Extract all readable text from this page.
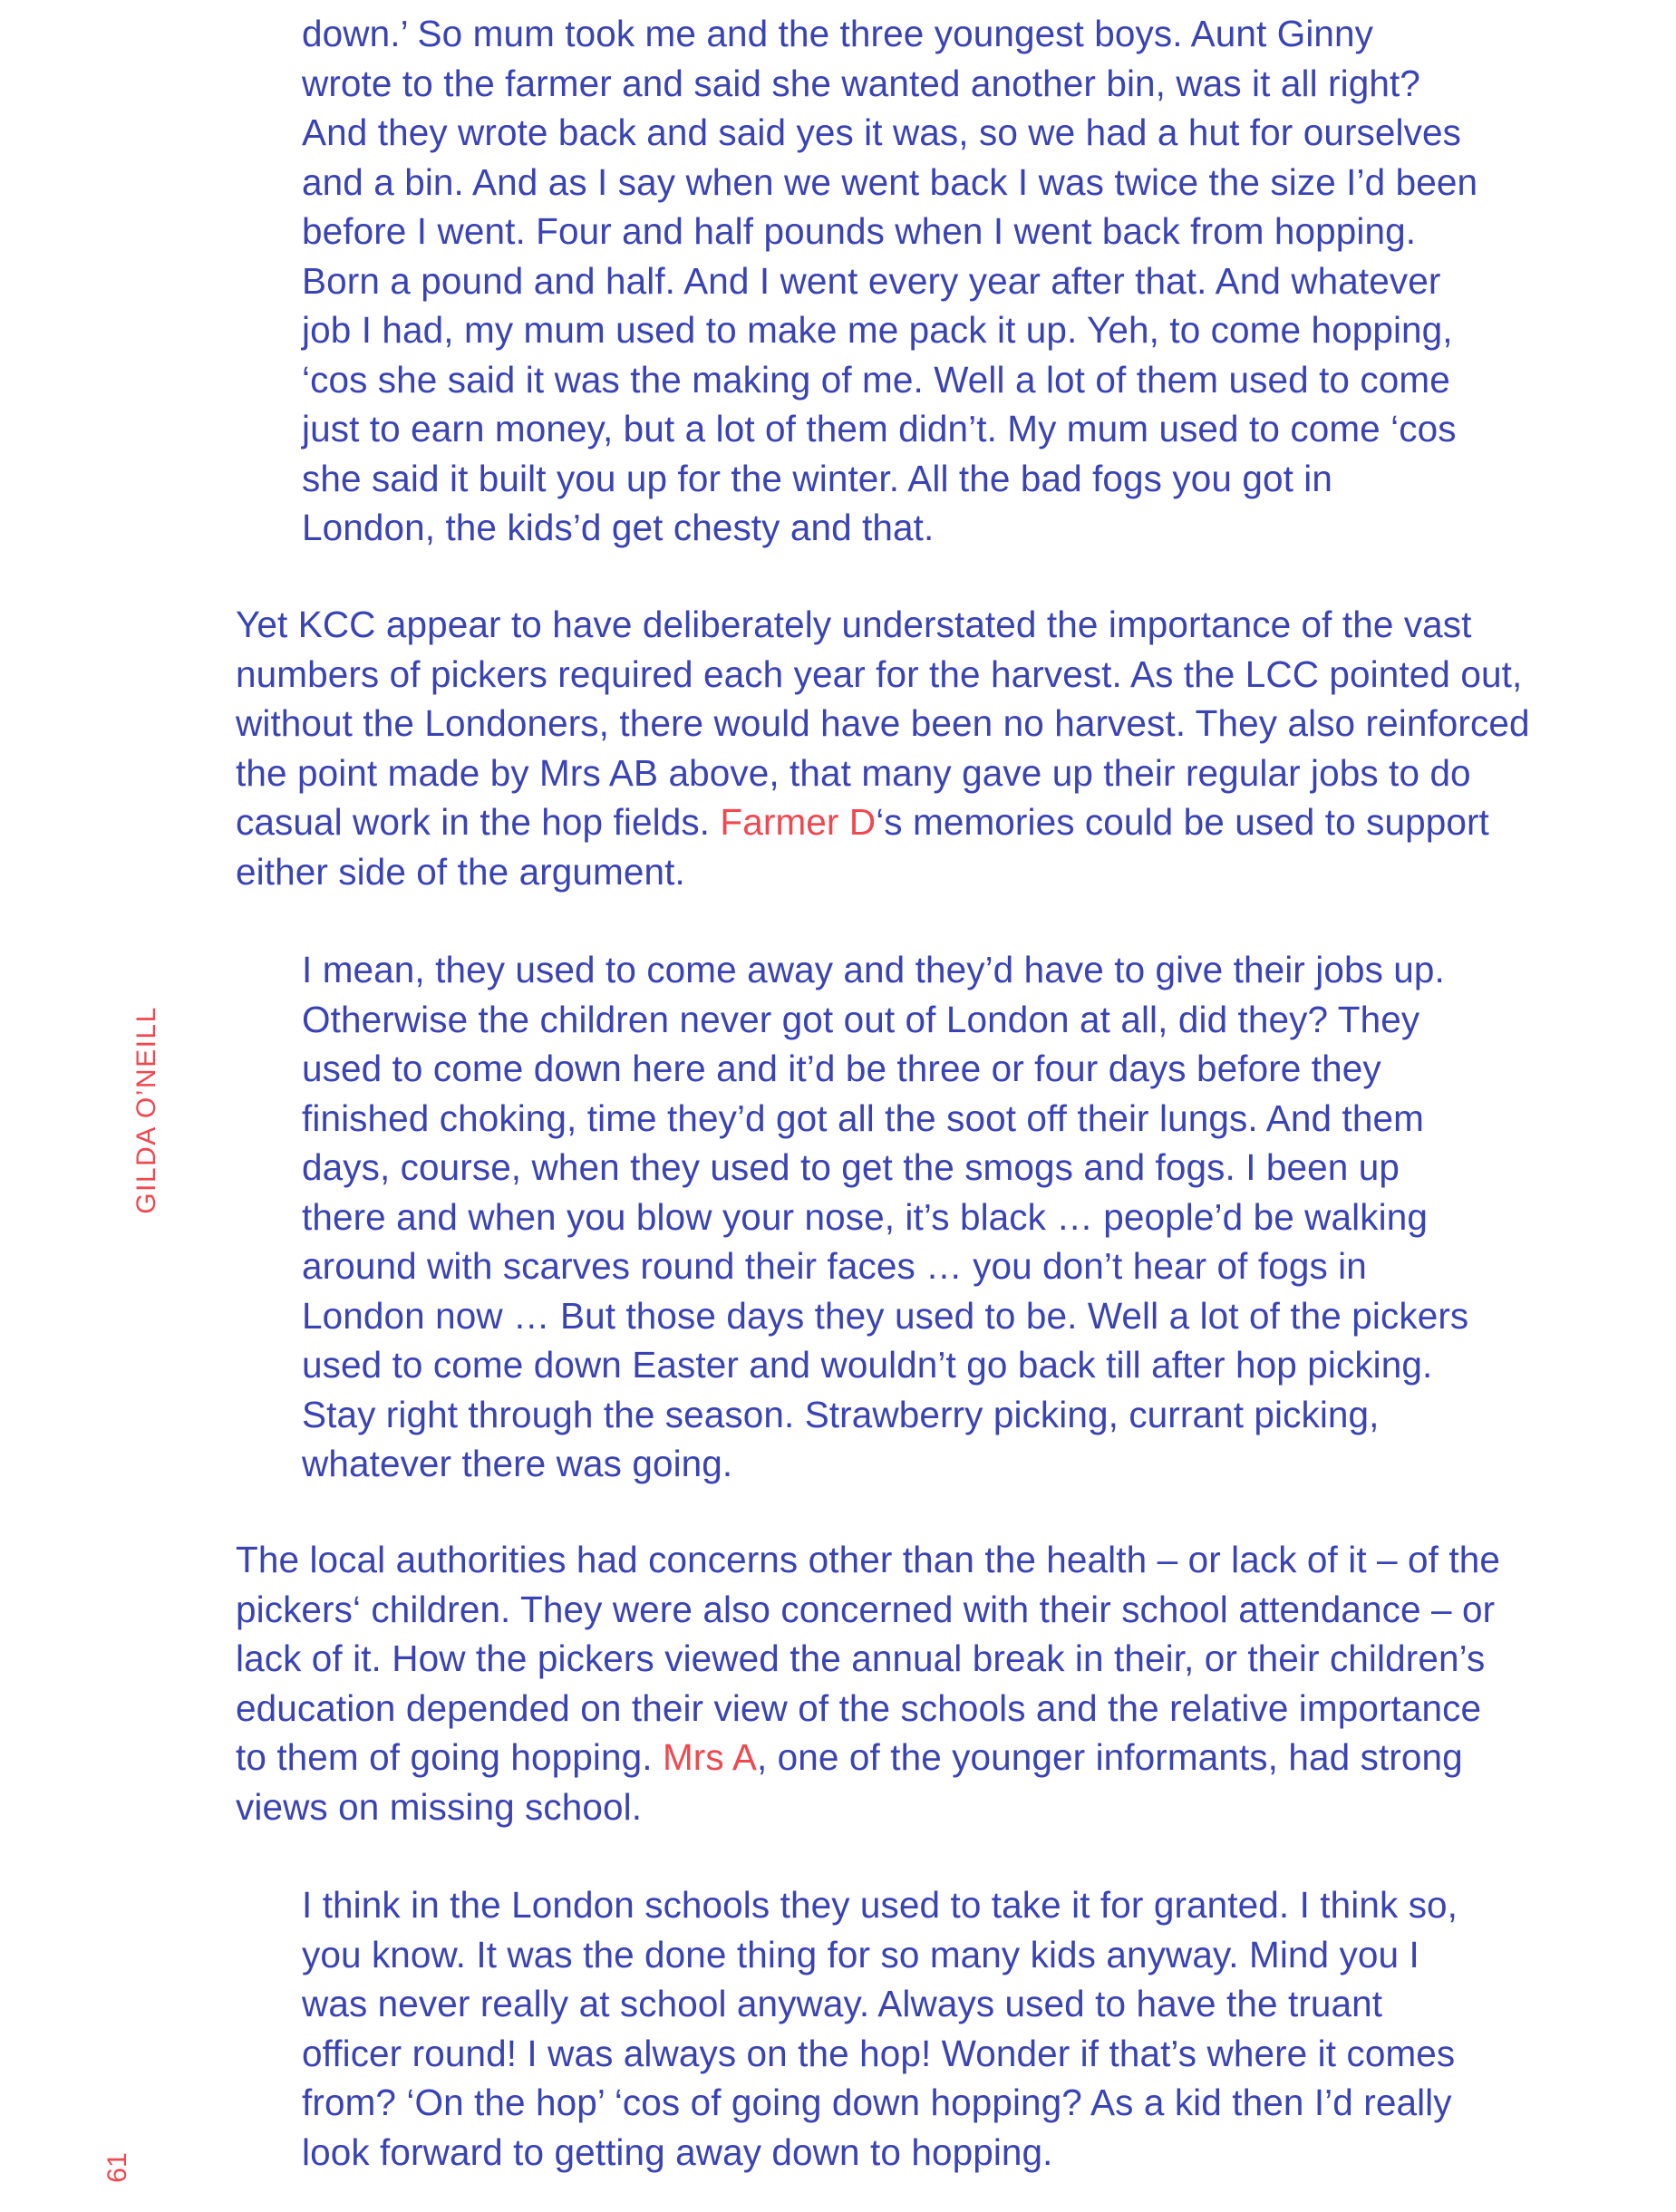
GILDA O’NEILL
61
down.’ So mum took me and the three youngest boys. Aunt Ginny
wrote to the farmer and said she wanted another bin, was it all right?
And they wrote back and said yes it was, so we had a hut for ourselves
and a bin. And as I say when we went back I was twice the size I’d been
before I went. Four and half pounds when I went back from hopping.
Born a pound and half. And I went every year after that. And whatever
job I had, my mum used to make me pack it up. Yeh, to come hopping,
‘cos she said it was the making of me. Well a lot of them used to come
just to earn money, but a lot of them didn’t. My mum used to come ‘cos
she said it built you up for the winter. All the bad fogs you got in
London, the kids’d get chesty and that.
Yet KCC appear to have deliberately understated the importance of the vast
numbers of pickers required each year for the harvest. As the LCC pointed out,
without the Londoners, there would have been no harvest. They also reinforced
the point made by Mrs AB above, that many gave up their regular jobs to do
casual work in the hop fields. Farmer D‘s memories could be used to support
either side of the argument.
I mean, they used to come away and they’d have to give their jobs up.
Otherwise the children never got out of London at all, did they? They
used to come down here and it’d be three or four days before they
finished choking, time they’d got all the soot off their lungs. And them
days, course, when they used to get the smogs and fogs. I been up
there and when you blow your nose, it’s black … people’d be walking
around with scarves round their faces … you don’t hear of fogs in
London now … But those days they used to be. Well a lot of the pickers
used to come down Easter and wouldn’t go back till after hop picking.
Stay right through the season. Strawberry picking, currant picking,
whatever there was going.
The local authorities had concerns other than the health – or lack of it – of the
pickers‘ children. They were also concerned with their school attendance – or
lack of it. How the pickers viewed the annual break in their, or their children’s
education depended on their view of the schools and the relative importance
to them of going hopping. Mrs A, one of the younger informants, had strong
views on missing school.
I think in the London schools they used to take it for granted. I think so,
you know. It was the done thing for so many kids anyway. Mind you I
was never really at school anyway. Always used to have the truant
officer round! I was always on the hop! Wonder if that’s where it comes
from? ‘On the hop’ ‘cos of going down hopping? As a kid then I’d really
look forward to getting away down to hopping.
